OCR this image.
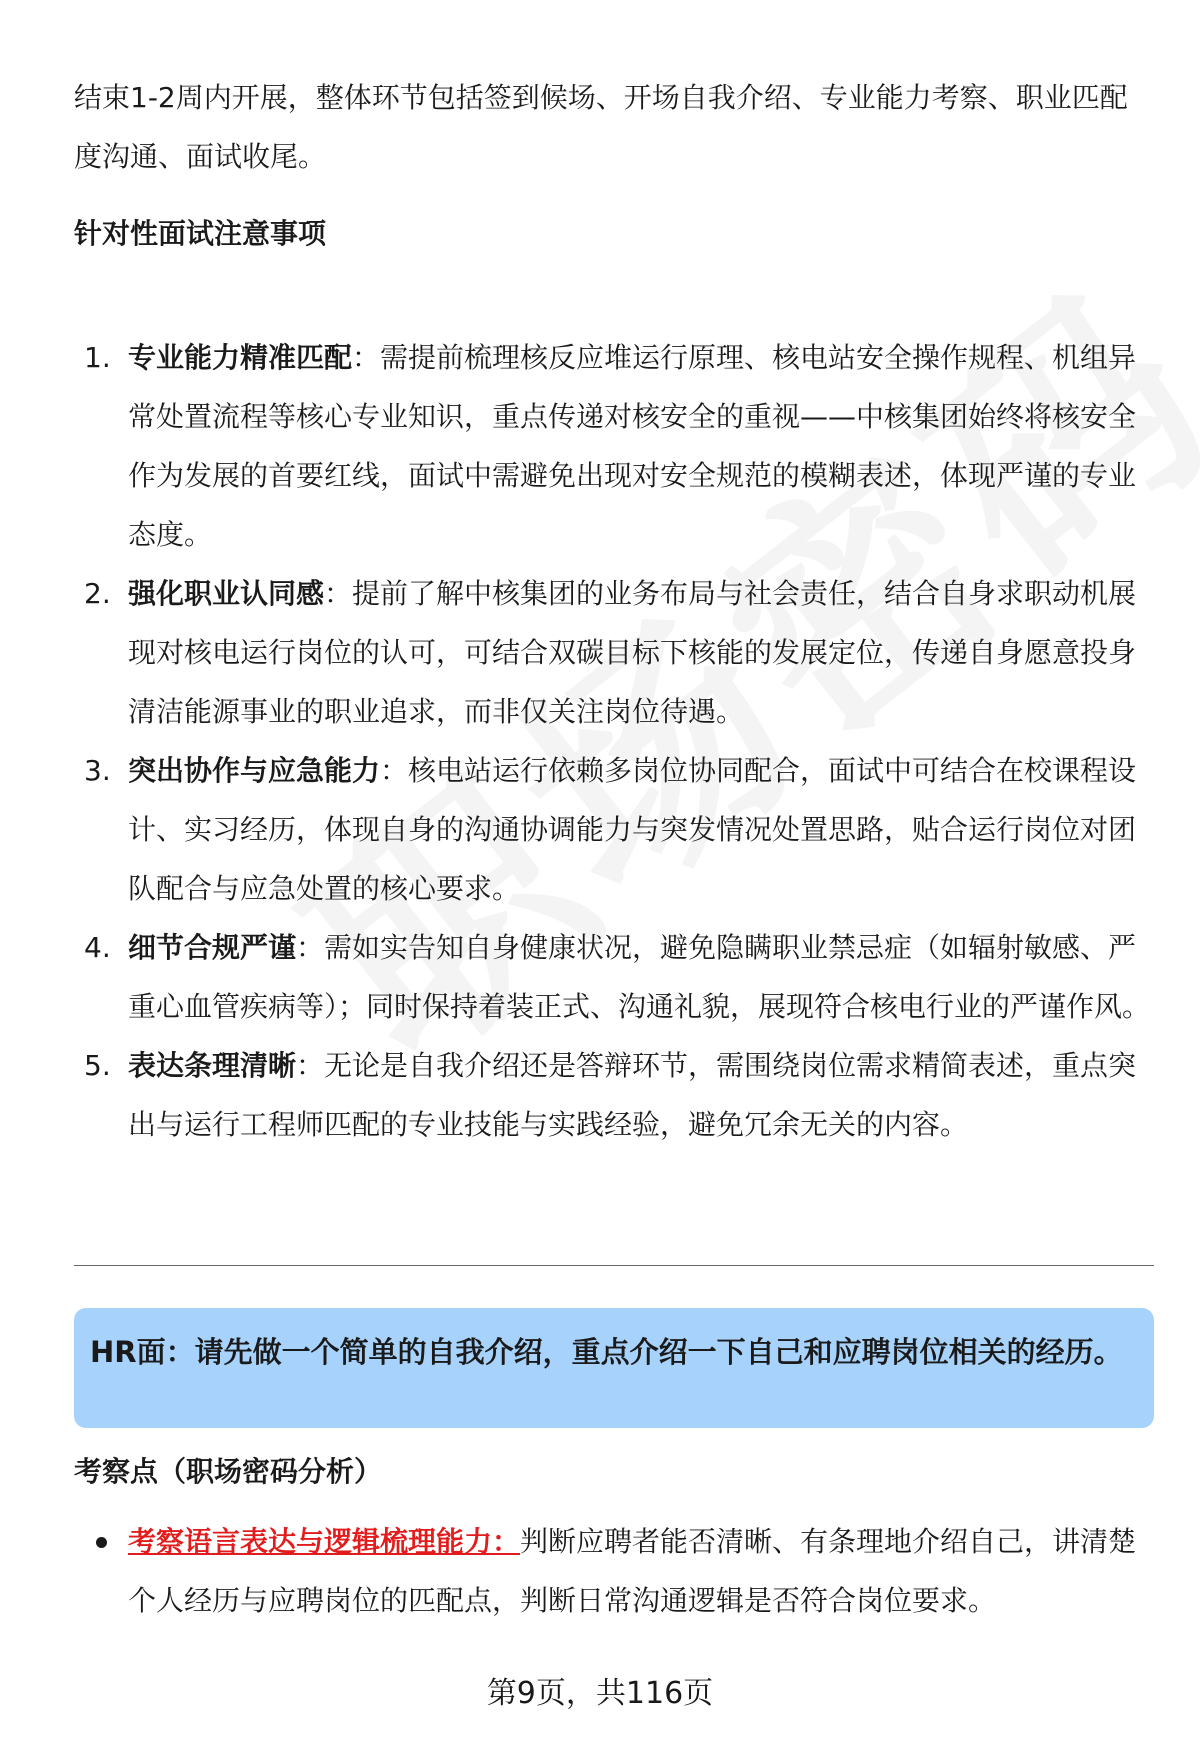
结束1-2周内开展，整体环节包括签到候场、开场自我介绍、专业能力考察、职业匹配度沟通、面试收尾。

针对性面试注意事项

1. 专业能力精准匹配：需提前梳理核反应堆运行原理、核电站安全操作规程、机组异常处置流程等核心专业知识，重点传递对核安全的重视——中核集团始终将核安全作为发展的首要红线，面试中需避免出现对安全规范的模糊表述，体现严谨的专业态度。
2. 强化职业认同感：提前了解中核集团的业务布局与社会责任，结合自身求职动机展现对核电运行岗位的认可，可结合双碳目标下核能的发展定位，传递自身愿意投身清洁能源事业的职业追求，而非仅关注岗位待遇。
3. 突出协作与应急能力：核电站运行依赖多岗位协同配合，面试中可结合在校课程设计、实习经历，体现自身的沟通协调能力与突发情况处置思路，贴合运行岗位对团队配合与应急处置的核心要求。
4. 细节合规严谨：需如实告知自身健康状况，避免隐瞒职业禁忌症（如辐射敏感、严重心血管疾病等）；同时保持着装正式、沟通礼貌，展现符合核电行业的严谨作风。
5. 表达条理清晰：无论是自我介绍还是答辩环节，需围绕岗位需求精简表述，重点突出与运行工程师匹配的专业技能与实践经验，避免冗余无关的内容。
HR面：请先做一个简单的自我介绍，重点介绍一下自己和应聘岗位相关的经历。

考察点（职场密码分析）

考察语言表达与逻辑梳理能力：判断应聘者能否清晰、有条理地介绍自己，讲清楚个人经历与应聘岗位的匹配点，判断日常沟通逻辑是否符合岗位要求。
第9页，共116页
